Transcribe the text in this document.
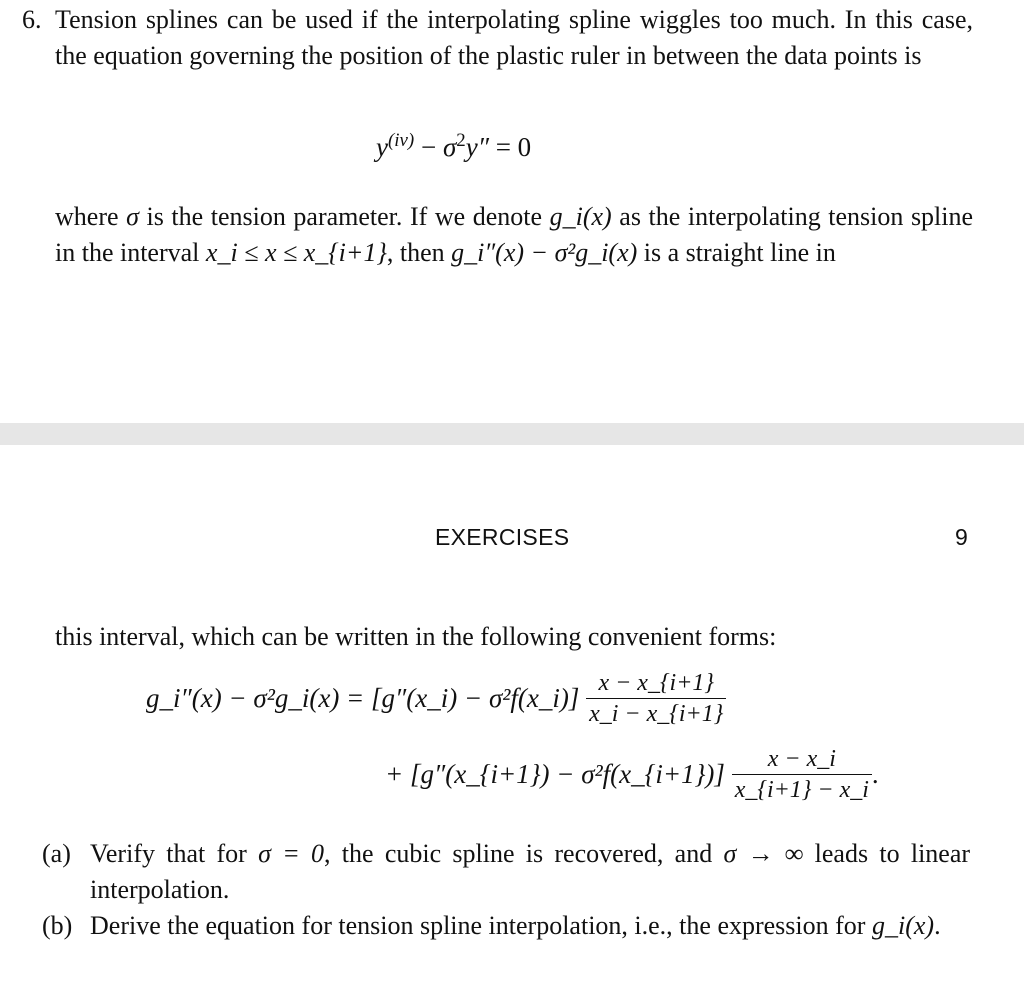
6. Tension splines can be used if the interpolating spline wiggles too much. In this case, the equation governing the position of the plastic ruler in between the data points is
$y^{(iv)} - \sigma^2y'' = 0$
where σ is the tension parameter. If we denote g_i(x) as the interpolating tension spline in the interval x_i ≤ x ≤ x_{i+1}, then g_i″(x) − σ²g_i(x) is a straight line in
EXERCISES	9
this interval, which can be written in the following convenient forms:
g_i″(x) − σ²g_i(x) = [g″(x_i) − σ²f(x_i)] $\frac{x - x\_\{i+1\}}{x\_i - x\_\{i+1\}}$
+ [g″(x_{i+1}) − σ²f(x_{i+1})] $\frac{x - x\_i}{x\_\{i+1\} - x\_i}$ .
(a) Verify that for σ = 0, the cubic spline is recovered, and σ → ∞ leads to linear interpolation.
(b) Derive the equation for tension spline interpolation, i.e., the expression for g_i(x).
